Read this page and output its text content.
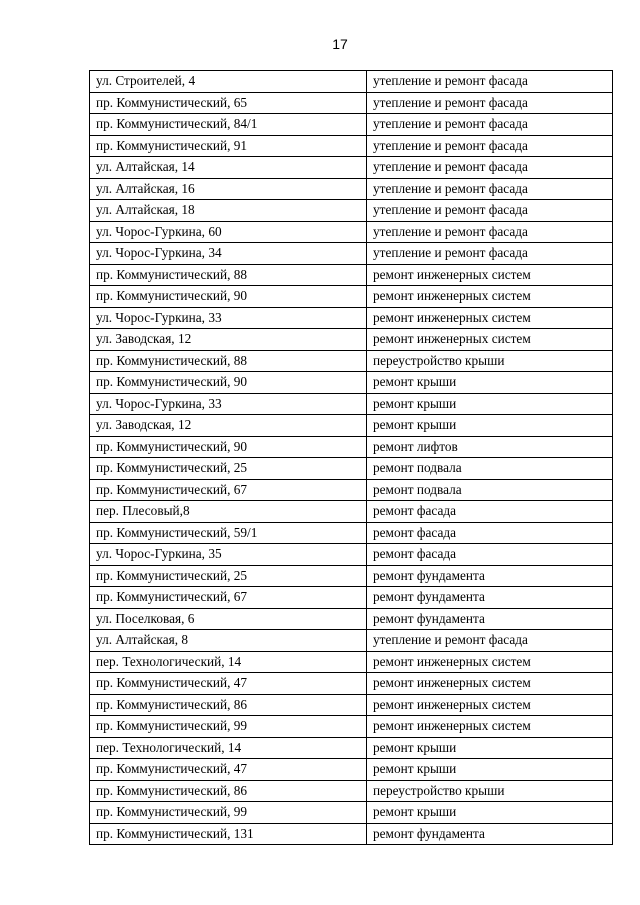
17
ул. Строителей, 4	утепление и ремонт фасада
пр. Коммунистический, 65	утепление и ремонт фасада
пр. Коммунистический, 84/1	утепление и ремонт фасада
пр. Коммунистический, 91	утепление и ремонт фасада
ул. Алтайская, 14	утепление и ремонт фасада
ул. Алтайская, 16	утепление и ремонт фасада
ул. Алтайская, 18	утепление и ремонт фасада
ул. Чорос-Гуркина, 60	утепление и ремонт фасада
ул. Чорос-Гуркина, 34	утепление и ремонт фасада
пр. Коммунистический, 88	ремонт инженерных систем
пр. Коммунистический, 90	ремонт инженерных систем
ул. Чорос-Гуркина, 33	ремонт инженерных систем
ул. Заводская, 12	ремонт инженерных систем
пр. Коммунистический, 88	переустройство крыши
пр. Коммунистический, 90	ремонт крыши
ул. Чорос-Гуркина, 33	ремонт крыши
ул. Заводская, 12	ремонт крыши
пр. Коммунистический, 90	ремонт лифтов
пр. Коммунистический, 25	ремонт подвала
пр. Коммунистический, 67	ремонт подвала
пер. Плесовый,8	ремонт фасада
пр. Коммунистический, 59/1	ремонт фасада
ул. Чорос-Гуркина, 35	ремонт фасада
пр. Коммунистический, 25	ремонт фундамента
пр. Коммунистический, 67	ремонт фундамента
ул. Поселковая, 6	ремонт фундамента
ул. Алтайская, 8	утепление и ремонт фасада
пер. Технологический, 14	ремонт инженерных систем
пр. Коммунистический, 47	ремонт инженерных систем
пр. Коммунистический, 86	ремонт инженерных систем
пр. Коммунистический, 99	ремонт инженерных систем
пер. Технологический, 14	ремонт крыши
пр. Коммунистический, 47	ремонт крыши
пр. Коммунистический, 86	переустройство крыши
пр. Коммунистический, 99	ремонт крыши
пр. Коммунистический, 131	ремонт фундамента
